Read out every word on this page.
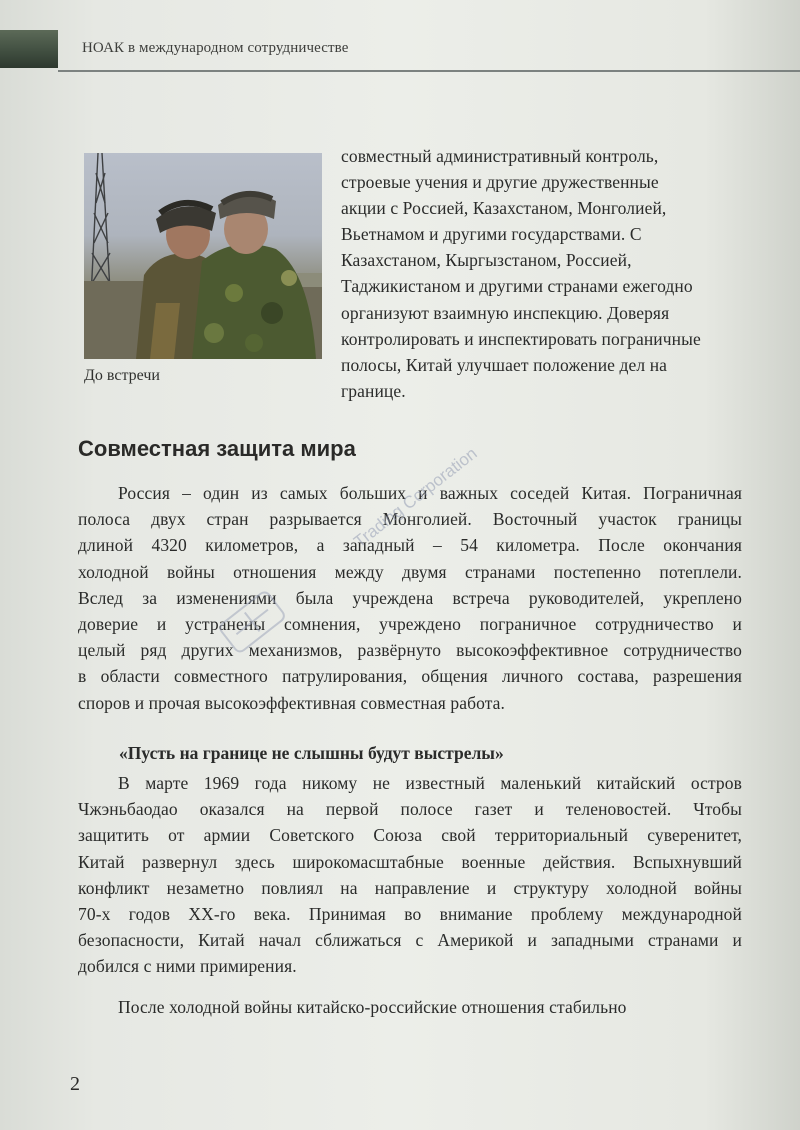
НОАК в международном сотрудничестве
До встречи

совместный административный контроль,
строевые учения и другие дружественные
акции с Россией, Казахстаном, Монголией,
Вьетнамом и другими государствами. С
Казахстаном, Кыргызстаном, Россией,
Таджикистаном и другими странами ежегодно
организуют взаимную инспекцию. Доверяя
контролировать и инспектировать пограничные
полосы, Китай улучшает положение дел на
границе.

Совместная защита мира
Россия – один из самых больших и важных соседей Китая. Пограничная
полоса двух стран разрывается Монголией. Восточный участок границы
длиной 4320 километров, а западный – 54 километра. После окончания
холодной войны отношения между двумя странами постепенно потеплели.
Вслед за изменениями была учреждена встреча руководителей, укреплено
доверие и устранены сомнения, учреждено пограничное сотрудничество и
целый ряд других механизмов, развёрнуто высокоэффективное сотрудничество
в области совместного патрулирования, общения личного состава, разрешения
споров и прочая высокоэффективная совместная работа.
«Пусть на границе не слышны будут выстрелы»
В марте 1969 года никому не известный маленький китайский остров
Чжэньбаодао оказался на первой полосе газет и теленовостей. Чтобы
защитить от армии Советского Союза свой территориальный суверенитет,
Китай развернул здесь широкомасштабные военные действия. Вспыхнувший
конфликт незаметно повлиял на направление и структуру холодной войны
70-х годов XX-го века. Принимая во внимание проблему международной
безопасности, Китай начал сближаться с Америкой и западными странами и
добился с ними примирения.
После холодной войны китайско-российские отношения стабильно
Trading Corporation
2
